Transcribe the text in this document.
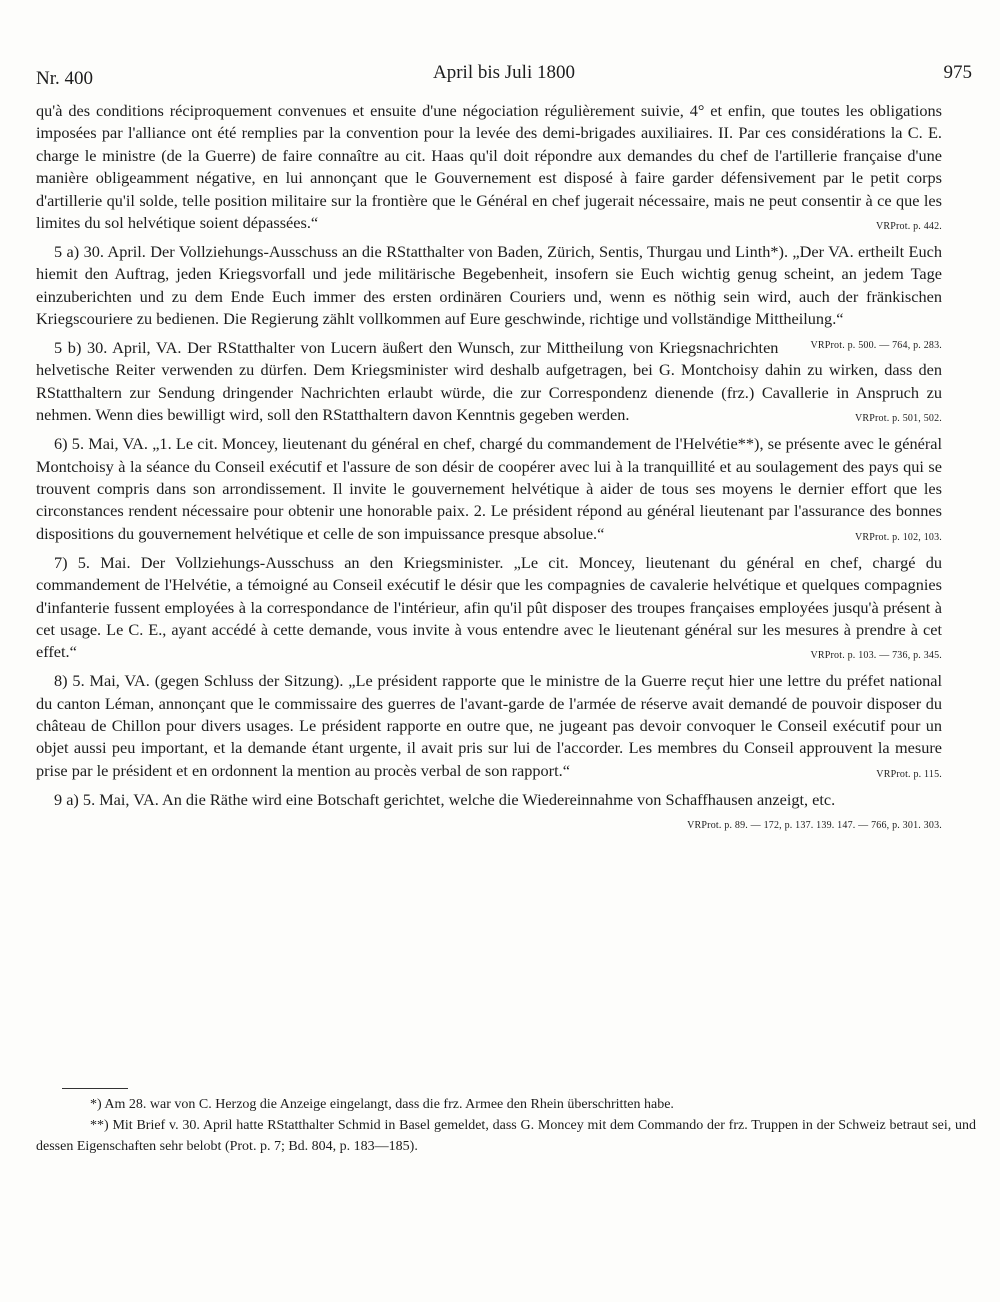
Nr. 400	April bis Juli 1800	975

qu'à des conditions réciproquement convenues et ensuite d'une négociation régulièrement suivie, 4° et enfin, que toutes les obligations imposées par l'alliance ont été remplies par la convention pour la levée des demi-brigades auxiliaires. II. Par ces considérations la C. E. charge le ministre (de la Guerre) de faire connaître au cit. Haas qu'il doit répondre aux demandes du chef de l'artillerie française d'une manière obligeamment négative, en lui annonçant que le Gouvernement est disposé à faire garder défensivement par le petit corps d'artillerie qu'il solde, telle position militaire sur la frontière que le Général en chef jugerait nécessaire, mais ne peut consentir à ce que les limites du sol helvétique soient dépassées.“	VRProt. p. 442.

5 a) 30. April. Der Vollziehungs-Ausschuss an die RStatthalter von Baden, Zürich, Sentis, Thurgau und Linth*). „Der VA. ertheilt Euch hiemit den Auftrag, jeden Kriegsvorfall und jede militärische Begebenheit, insofern sie Euch wichtig genug scheint, an jedem Tage einzuberichten und zu dem Ende Euch immer des ersten ordinären Couriers und, wenn es nöthig sein wird, auch der fränkischen Kriegscouriere zu bedienen. Die Regierung zählt vollkommen auf Eure geschwinde, richtige und vollständige Mittheilung.“
VRProt. p. 500. — 764, p. 283.

5 b) 30. April, VA. Der RStatthalter von Lucern äußert den Wunsch, zur Mittheilung von Kriegsnachrichten helvetische Reiter verwenden zu dürfen. Dem Kriegsminister wird deshalb aufgetragen, bei G. Montchoisy dahin zu wirken, dass den RStatthaltern zur Sendung dringender Nachrichten erlaubt würde, die zur Correspondenz dienende (frz.) Cavallerie in Anspruch zu nehmen. Wenn dies bewilligt wird, soll den RStatthaltern davon Kenntnis gegeben werden.	VRProt. p. 501, 502.

6) 5. Mai, VA. „1. Le cit. Moncey, lieutenant du général en chef, chargé du commandement de l'Helvétie**), se présente avec le général Montchoisy à la séance du Conseil exécutif et l'assure de son désir de coopérer avec lui à la tranquillité et au soulagement des pays qui se trouvent compris dans son arrondissement. Il invite le gouvernement helvétique à aider de tous ses moyens le dernier effort que les circonstances rendent nécessaire pour obtenir une honorable paix. 2. Le président répond au général lieutenant par l'assurance des bonnes dispositions du gouvernement helvétique et celle de son impuissance presque absolue.“	VRProt. p. 102, 103.

7) 5. Mai. Der Vollziehungs-Ausschuss an den Kriegsminister. „Le cit. Moncey, lieutenant du général en chef, chargé du commandement de l'Helvétie, a témoigné au Conseil exécutif le désir que les compagnies de cavalerie helvétique et quelques compagnies d'infanterie fussent employées à la correspondance de l'intérieur, afin qu'il pût disposer des troupes françaises employées jusqu'à présent à cet usage. Le C. E., ayant accédé à cette demande, vous invite à vous entendre avec le lieutenant général sur les mesures à prendre à cet effet.“	VRProt. p. 103. — 736, p. 345.

8) 5. Mai, VA. (gegen Schluss der Sitzung). „Le président rapporte que le ministre de la Guerre reçut hier une lettre du préfet national du canton Léman, annonçant que le commissaire des guerres de l'avant-garde de l'armée de réserve avait demandé de pouvoir disposer du château de Chillon pour divers usages. Le président rapporte en outre que, ne jugeant pas devoir convoquer le Conseil exécutif pour un objet aussi peu important, et la demande étant urgente, il avait pris sur lui de l'accorder. Les membres du Conseil approuvent la mesure prise par le président et en ordonnent la mention au procès verbal de son rapport.“	VRProt. p. 115.

9 a) 5. Mai, VA. An die Räthe wird eine Botschaft gerichtet, welche die Wiedereinnahme von Schaffhausen anzeigt, etc.
VRProt. p. 89. — 172, p. 137. 139. 147. — 766, p. 301. 303.

*) Am 28. war von C. Herzog die Anzeige eingelangt, dass die frz. Armee den Rhein überschritten habe.

**) Mit Brief v. 30. April hatte RStatthalter Schmid in Basel gemeldet, dass G. Moncey mit dem Commando der frz. Truppen in der Schweiz betraut sei, und dessen Eigenschaften sehr belobt (Prot. p. 7; Bd. 804, p. 183—185).
